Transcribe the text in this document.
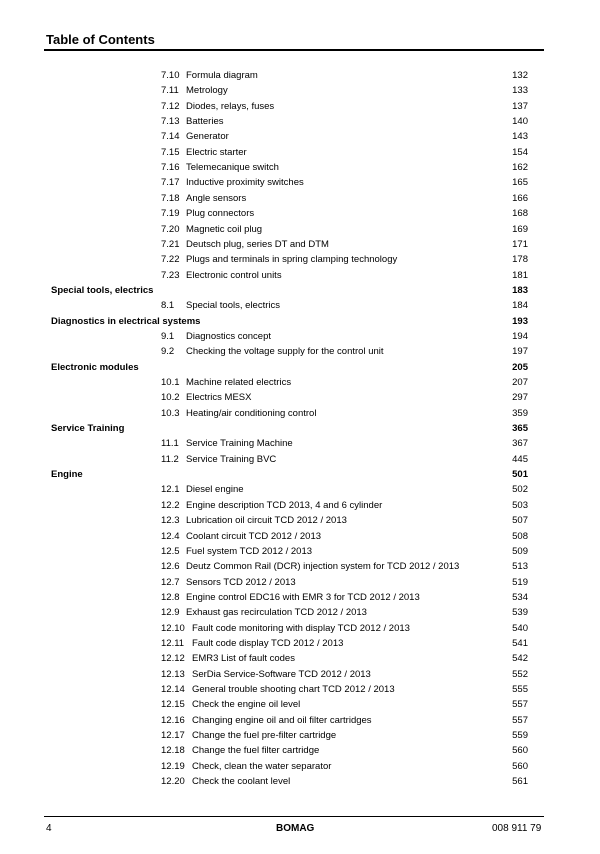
Table of Contents
7.10 Formula diagram	132
7.11 Metrology	133
7.12 Diodes, relays, fuses	137
7.13 Batteries	140
7.14 Generator	143
7.15 Electric starter	154
7.16 Telemecanique switch	162
7.17 Inductive proximity switches	165
7.18 Angle sensors	166
7.19 Plug connectors	168
7.20 Magnetic coil plug	169
7.21 Deutsch plug, series DT and DTM	171
7.22 Plugs and terminals in spring clamping technology	178
7.23 Electronic control units	181
Special tools, electrics	183
8.1 Special tools, electrics	184
Diagnostics in electrical systems	193
9.1 Diagnostics concept	194
9.2 Checking the voltage supply for the control unit	197
Electronic modules	205
10.1 Machine related electrics	207
10.2 Electrics MESX	297
10.3 Heating/air conditioning control	359
Service Training	365
11.1 Service Training Machine	367
11.2 Service Training BVC	445
Engine	501
12.1 Diesel engine	502
12.2 Engine description TCD 2013, 4 and 6 cylinder	503
12.3 Lubrication oil circuit TCD 2012 / 2013	507
12.4 Coolant circuit TCD 2012 / 2013	508
12.5 Fuel system TCD 2012 / 2013	509
12.6 Deutz Common Rail (DCR) injection system for TCD 2012 / 2013	513
12.7 Sensors TCD 2012 / 2013	519
12.8 Engine control EDC16 with EMR 3 for TCD 2012 / 2013	534
12.9 Exhaust gas recirculation TCD 2012 / 2013	539
12.10 Fault code monitoring with display TCD 2012 / 2013	540
12.11 Fault code display TCD 2012 / 2013	541
12.12 EMR3 List of fault codes	542
12.13 SerDia Service-Software TCD 2012 / 2013	552
12.14 General trouble shooting chart TCD 2012 / 2013	555
12.15 Check the engine oil level	557
12.16 Changing engine oil and oil filter cartridges	557
12.17 Change the fuel pre-filter cartridge	559
12.18 Change the fuel filter cartridge	560
12.19 Check, clean the water separator	560
12.20 Check the coolant level	561
4	BOMAG	008 911 79
